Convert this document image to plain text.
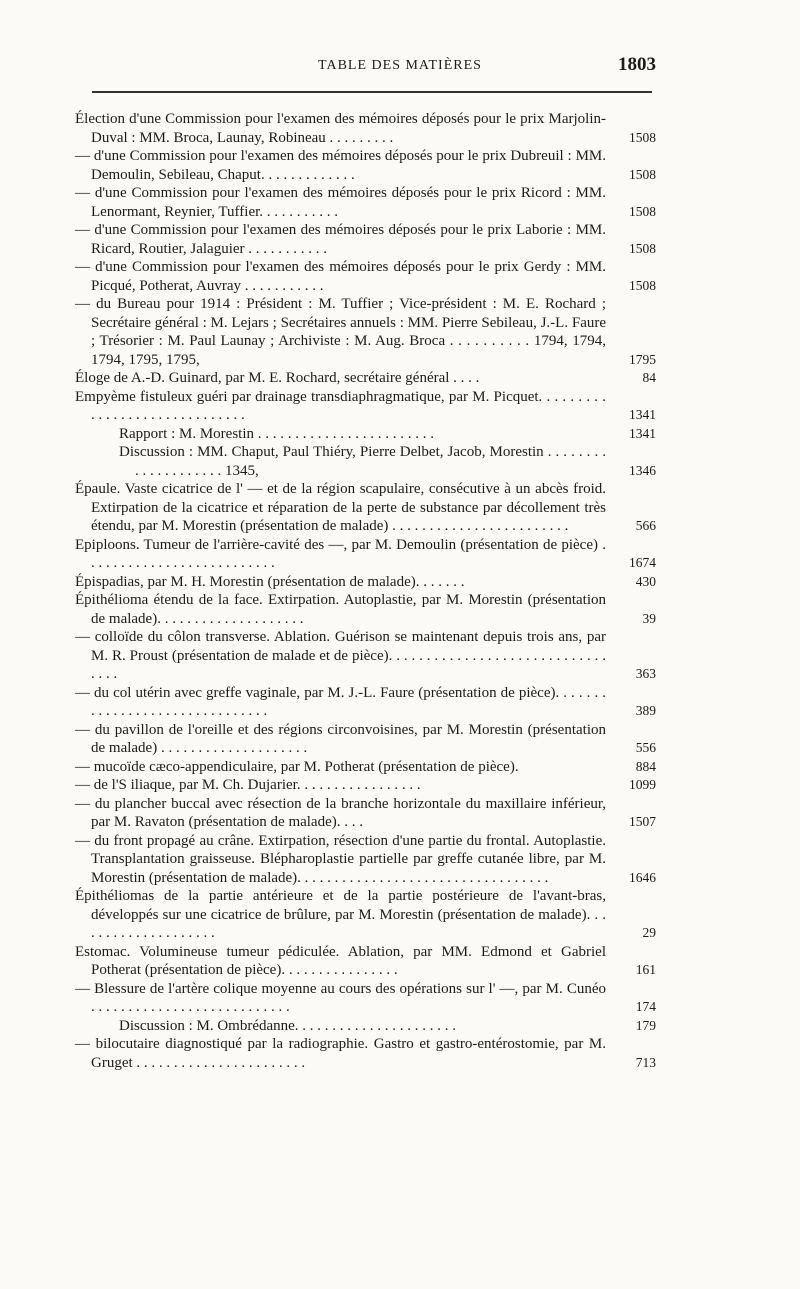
TABLE DES MATIÈRES	1803
Élection d'une Commission pour l'examen des mémoires déposés pour le prix Marjolin-Duval : MM. Broca, Launay, Robineau . . . . . . . . .	1508
— d'une Commission pour l'examen des mémoires déposés pour le prix Dubreuil : MM. Demoulin, Sebileau, Chaput. . . . . . . . . . . . .	1508
— d'une Commission pour l'examen des mémoires déposés pour le prix Ricord : MM. Lenormant, Reynier, Tuffier. . . . . . . . . . .	1508
— d'une Commission pour l'examen des mémoires déposés pour le prix Laborie : MM. Ricard, Routier, Jalaguier . . . . . . . . . . .	1508
— d'une Commission pour l'examen des mémoires déposés pour le prix Gerdy : MM. Picqué, Potherat, Auvray . . . . . . . . . . .	1508
— du Bureau pour 1914 : Président : M. Tuffier ; Vice-président : M. E. Rochard ; Secrétaire général : M. Lejars ; Secrétaires annuels : MM. Pierre Sebileau, J.-L. Faure ; Trésorier : M. Paul Launay ; Archiviste : M. Aug. Broca . . . . . . . . . . 1794, 1794, 1794, 1795, 1795,	1795
Éloge de A.-D. Guinard, par M. E. Rochard, secrétaire général . . . .	84
Empyème fistuleux guéri par drainage transdiaphragmatique, par M. Picquet. . . . . . . . . . . . . . . . . . . . . . . . . . . . . .	1341
Rapport : M. Morestin . . . . . . . . . . . . . . . . . . . . . . . .	1341
Discussion : MM. Chaput, Paul Thiéry, Pierre Delbet, Jacob, Morestin . . . . . . . . . . . . . . . . . . . . 1345,	1346
Épaule. Vaste cicatrice de l' — et de la région scapulaire, consécutive à un abcès froid. Extirpation de la cicatrice et réparation de la perte de substance par décollement très étendu, par M. Morestin (présentation de malade) . . . . . . . . . . . . . . . . . . . . . . . .	566
Epiploons. Tumeur de l'arrière-cavité des —, par M. Demoulin (présentation de pièce) . . . . . . . . . . . . . . . . . . . . . . . . . .	1674
Épispadias, par M. H. Morestin (présentation de malade). . . . . . .	430
Épithélioma étendu de la face. Extirpation. Autoplastie, par M. Morestin (présentation de malade). . . . . . . . . . . . . . . . . . . .	39
— colloïde du côlon transverse. Ablation. Guérison se maintenant depuis trois ans, par M. R. Proust (présentation de malade et de pièce). . . . . . . . . . . . . . . . . . . . . . . . . . . . . . . . .	363
— du col utérin avec greffe vaginale, par M. J.-L. Faure (présentation de pièce). . . . . . . . . . . . . . . . . . . . . . . . . . . . . . .	389
— du pavillon de l'oreille et des régions circonvoisines, par M. Morestin (présentation de malade) . . . . . . . . . . . . . . . . . . . .	556
— mucoïde cæco-appendiculaire, par M. Potherat (présentation de pièce).	884
— de l'S iliaque, par M. Ch. Dujarier. . . . . . . . . . . . . . . . .	1099
— du plancher buccal avec résection de la branche horizontale du maxillaire inférieur, par M. Ravaton (présentation de malade). . . .	1507
— du front propagé au crâne. Extirpation, résection d'une partie du frontal. Autoplastie. Transplantation graisseuse. Blépharoplastie partielle par greffe cutanée libre, par M. Morestin (présentation de malade). . . . . . . . . . . . . . . . . . . . . . . . . . . . . . . . . .	1646
Épithéliomas de la partie antérieure et de la partie postérieure de l'avant-bras, développés sur une cicatrice de brûlure, par M. Morestin (présentation de malade). . . . . . . . . . . . . . . . . . . .	29
Estomac. Volumineuse tumeur pédiculée. Ablation, par MM. Edmond et Gabriel Potherat (présentation de pièce). . . . . . . . . . . . . . . .	161
— Blessure de l'artère colique moyenne au cours des opérations sur l' —, par M. Cunéo . . . . . . . . . . . . . . . . . . . . . . . . . . .	174
Discussion : M. Ombrédanne. . . . . . . . . . . . . . . . . . . . . .	179
— bilocutaire diagnostiqué par la radiographie. Gastro et gastro-entérostomie, par M. Gruget . . . . . . . . . . . . . . . . . . . . . . .	713
